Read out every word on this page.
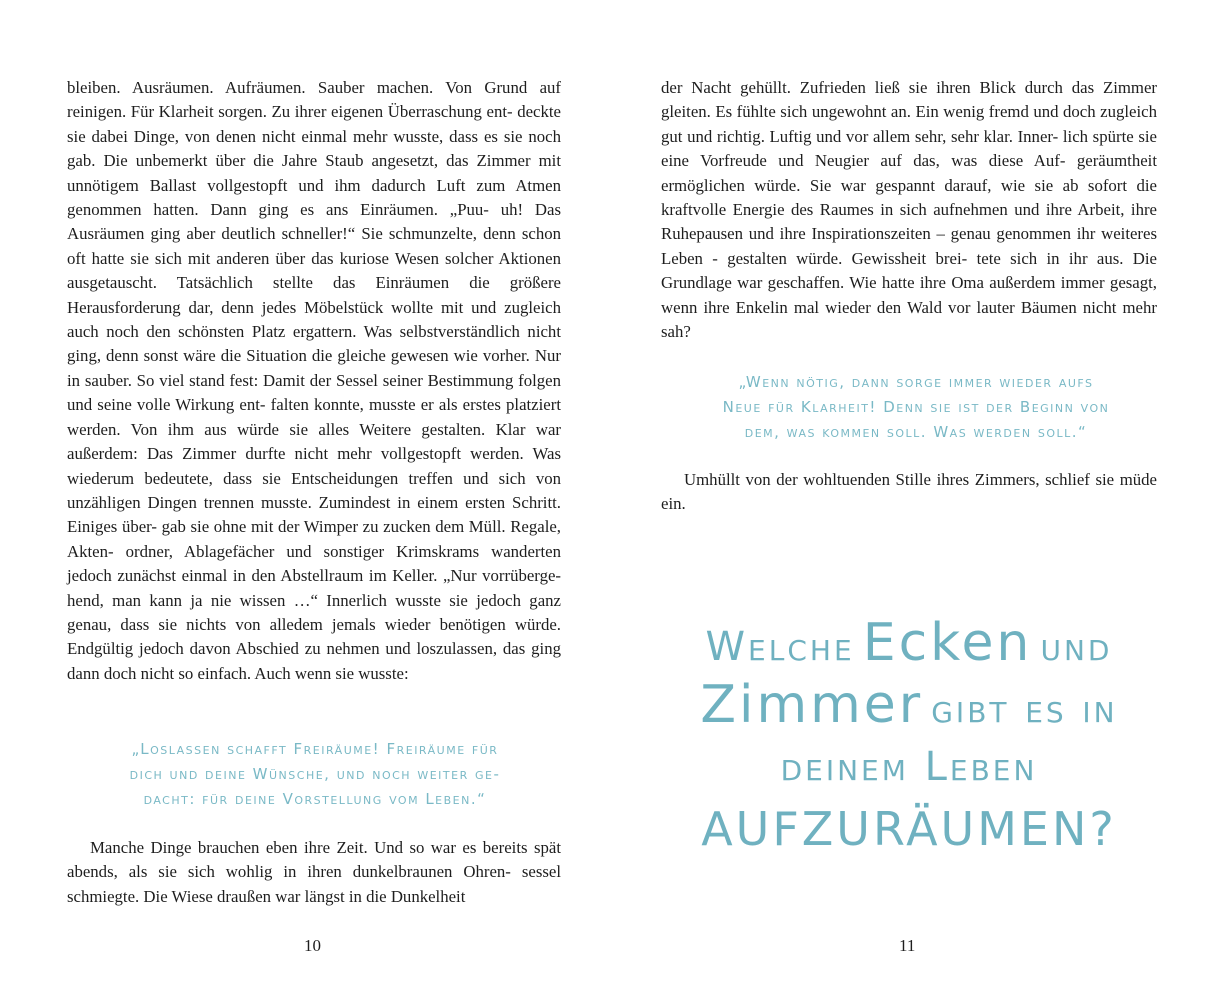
bleiben. Ausräumen. Aufräumen. Sauber machen. Von Grund auf reinigen. Für Klarheit sorgen. Zu ihrer eigenen Überraschung ent- deckte sie dabei Dinge, von denen nicht einmal mehr wusste, dass es sie noch gab. Die unbemerkt über die Jahre Staub angesetzt, das Zimmer mit unnötigem Ballast vollgestopft und ihm dadurch Luft zum Atmen genommen hatten. Dann ging es ans Einräumen. „Puu- uh! Das Ausräumen ging aber deutlich schneller!“ Sie schmunzelte, denn schon oft hatte sie sich mit anderen über das kuriose Wesen solcher Aktionen ausgetauscht. Tatsächlich stellte das Einräumen die größere Herausforderung dar, denn jedes Möbelstück wollte mit und zugleich auch noch den schönsten Platz ergattern. Was selbstverständlich nicht ging, denn sonst wäre die Situation die gleiche gewesen wie vorher. Nur in sauber. So viel stand fest: Damit der Sessel seiner Bestimmung folgen und seine volle Wirkung ent- falten konnte, musste er als erstes platziert werden. Von ihm aus würde sie alles Weitere gestalten. Klar war außerdem: Das Zimmer durfte nicht mehr vollgestopft werden. Was wiederum bedeutete, dass sie Entscheidungen treffen und sich von unzähligen Dingen trennen musste. Zumindest in einem ersten Schritt. Einiges über- gab sie ohne mit der Wimper zu zucken dem Müll. Regale, Akten- ordner, Ablagefächer und sonstiger Krimskrams wanderten jedoch zunächst einmal in den Abstellraum im Keller. „Nur vorrüberge- hend, man kann ja nie wissen …“ Innerlich wusste sie jedoch ganz genau, dass sie nichts von alledem jemals wieder benötigen würde. Endgültig jedoch davon Abschied zu nehmen und loszulassen, das ging dann doch nicht so einfach. Auch wenn sie wusste:

„Loslassen schafft Freiräume! Freiräume für
dich und deine Wünsche, und noch weiter ge-
dacht: für deine Vorstellung vom Leben.“

Manche Dinge brauchen eben ihre Zeit. Und so war es bereits spät abends, als sie sich wohlig in ihren dunkelbraunen Ohren- sessel schmiegte. Die Wiese draußen war längst in die Dunkelheit

10

der Nacht gehüllt. Zufrieden ließ sie ihren Blick durch das Zimmer gleiten. Es fühlte sich ungewohnt an. Ein wenig fremd und doch zugleich gut und richtig. Luftig und vor allem sehr, sehr klar. Inner- lich spürte sie eine Vorfreude und Neugier auf das, was diese Auf- geräumtheit ermöglichen würde. Sie war gespannt darauf, wie sie ab sofort die kraftvolle Energie des Raumes in sich aufnehmen und ihre Arbeit, ihre Ruhepausen und ihre Inspirationszeiten – genau genommen ihr weiteres Leben - gestalten würde. Gewissheit brei- tete sich in ihr aus. Die Grundlage war geschaffen. Wie hatte ihre Oma außerdem immer gesagt, wenn ihre Enkelin mal wieder den Wald vor lauter Bäumen nicht mehr sah?

„Wenn nötig, dann sorge immer wieder aufs
Neue für Klarheit! Denn sie ist der Beginn von
dem, was kommen soll. Was werden soll.“

Umhüllt von der wohltuenden Stille ihres Zimmers, schlief sie müde ein.

Welche Ecken und
Zimmer gibt es in
deinem Leben
AUFZURÄUMEN?
11
